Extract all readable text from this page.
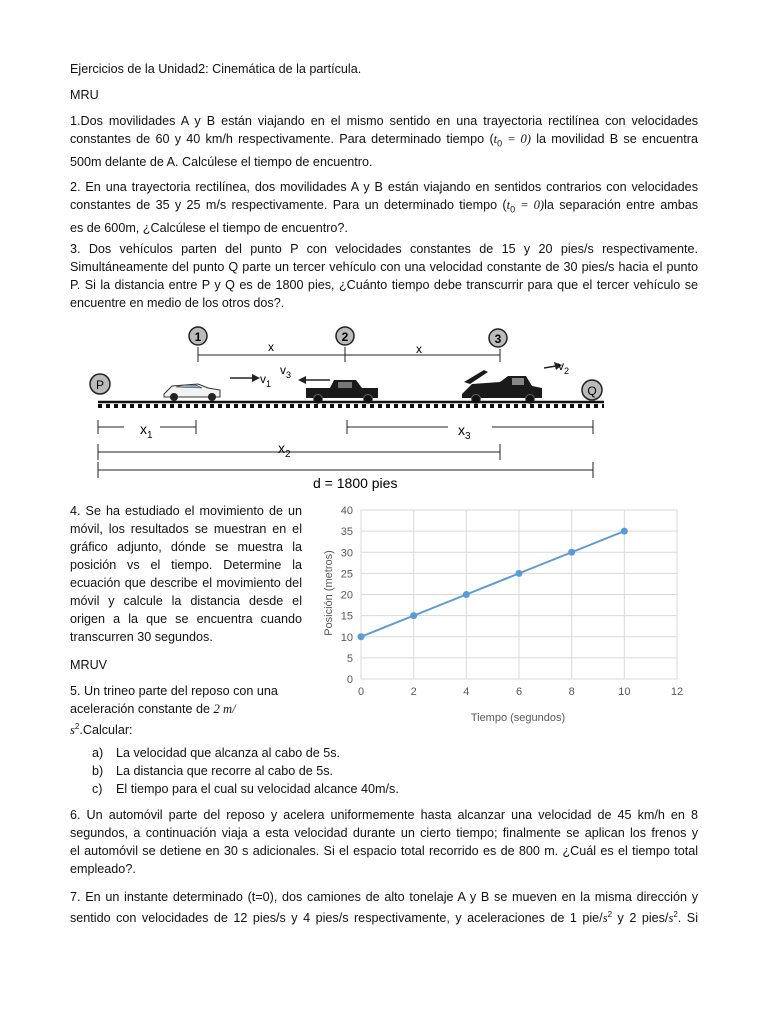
Ejercicios de la Unidad2: Cinemática de la partícula.
MRU
1.Dos movilidades A y B están viajando en el mismo sentido en una trayectoria rectilínea con velocidades
constantes de 60 y 40 km/h respectivamente. Para determinado tiempo $(t_0 = 0)$ la movilidad B se encuentra
500m delante de A. Calcúlese el tiempo de encuentro.
2. En una trayectoria rectilínea, dos movilidades A y B están viajando en sentidos contrarios con velocidades
constantes de 35 y 25 m/s respectivamente. Para un determinado tiempo $(t_0 = 0)la$ separación entre ambas
es de 600m, ¿Calcúlese el tiempo de encuentro?.
3. Dos vehículos parten del punto P con velocidades constantes de 15 y 20 pies/s respectivamente.
Simultáneamente del punto Q parte un tercer vehículo con una velocidad constante de 30 pies/s hacia el punto
P. Si la distancia entre P y Q es de 1800 pies, ¿Cuánto tiempo debe transcurrir para que el tercer vehículo se
encuentre en medio de los otros dos?.
1	2	3
x	x
P	Q
$v_1$
$v_3$
$v_2$
$x_1$	$x_3$
$x_2$
d = 1800 pies
4. Se ha estudiado el movimiento de un
móvil, los resultados se muestran en el
gráfico adjunto, dónde se muestra la
posición vs el tiempo. Determine la
ecuación que describe el movimiento del
móvil y calcule la distancia desde el
origen a la que se encuentra cuando
transcurren 30 segundos.
MRUV
5. Un trineo parte del reposo con una
aceleración constante de 2 m/
$s^2.Calcular$:
a) La velocidad que alcanza al cabo de 5s.
b) La distancia que recorre al cabo de 5s.
c) El tiempo para el cual su velocidad alcance 40m/s.
0
5
10
15
20
25
30
35
40
0	2	4	6	8	10	12
Posición (metros)
Tiempo (segundos)
6. Un automóvil parte del reposo y acelera uniformemente hasta alcanzar una velocidad de 45 km/h en 8
segundos, a continuación viaja a esta velocidad durante un cierto tiempo; finalmente se aplican los frenos y
el automóvil se detiene en 30 s adicionales. Si el espacio total recorrido es de 800 m. ¿Cuál es el tiempo total
empleado?.
7. En un instante determinado (t=0), dos camiones de alto tonelaje A y B se mueven en la misma dirección y
sentido con velocidades de 12 pies/s y 4 pies/s respectivamente, y aceleraciones de 1 pie/$s^2$ y 2 pies/$s^2$. Si
